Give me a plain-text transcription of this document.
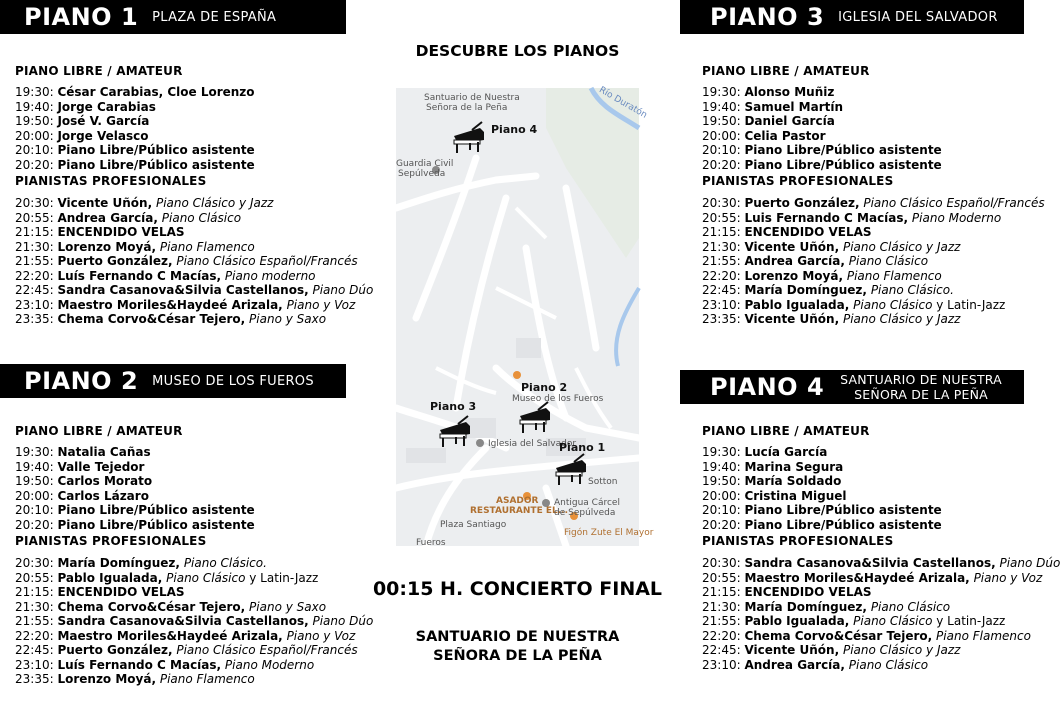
PIANO 1 PLAZA DE ESPAÑA	PIANO 3 IGLESIA DEL SALVADOR
PIANO 2 MUSEO DE LOS FUEROS	PIANO 4 SANTUARIO DE NUESTRA
SEÑORA DE LA PEÑA
PIANO LIBRE / AMATEUR
19:30: César Carabias, Cloe Lorenzo
19:40: Jorge Carabias
19:50: José V. García
20:00: Jorge Velasco
20:10: Piano Libre/Público asistente
20:20: Piano Libre/Público asistente
PIANISTAS PROFESIONALES
20:30: Vicente Uñón, Piano Clásico y Jazz
20:55: Andrea García, Piano Clásico
21:15: ENCENDIDO VELAS
21:30: Lorenzo Moyá, Piano Flamenco
21:55: Puerto González, Piano Clásico Español/Francés
22:20: Luís Fernando C Macías, Piano moderno
22:45: Sandra Casanova&Silvia Castellanos, Piano Dúo
23:10: Maestro Moriles&Haydeé Arizala, Piano y Voz
23:35: Chema Corvo&César Tejero, Piano y Saxo
PIANO LIBRE / AMATEUR
19:30: Natalia Cañas
19:40: Valle Tejedor
19:50: Carlos Morato
20:00: Carlos Lázaro
20:10: Piano Libre/Público asistente
20:20: Piano Libre/Público asistente
PIANISTAS PROFESIONALES
20:30: María Domínguez, Piano Clásico.
20:55: Pablo Igualada, Piano Clásico y Latin-Jazz
21:15: ENCENDIDO VELAS
21:30: Chema Corvo&César Tejero, Piano y Saxo
21:55: Sandra Casanova&Silvia Castellanos, Piano Dúo
22:20: Maestro Moriles&Haydeé Arizala, Piano y Voz
22:45: Puerto González, Piano Clásico Español/Francés
23:10: Luís Fernando C Macías, Piano Moderno
23:35: Lorenzo Moyá, Piano Flamenco
PIANO LIBRE / AMATEUR
19:30: Alonso Muñiz
19:40: Samuel Martín
19:50: Daniel García
20:00: Celia Pastor
20:10: Piano Libre/Público asistente
20:20: Piano Libre/Público asistente
PIANISTAS PROFESIONALES
20:30: Puerto González, Piano Clásico Español/Francés
20:55: Luis Fernando C Macías, Piano Moderno
21:15: ENCENDIDO VELAS
21:30: Vicente Uñón, Piano Clásico y Jazz
21:55: Andrea García, Piano Clásico
22:20: Lorenzo Moyá, Piano Flamenco
22:45: María Domínguez, Piano Clásico.
23:10: Pablo Igualada, Piano Clásico y Latin-Jazz
23:35: Vicente Uñón, Piano Clásico y Jazz
PIANO LIBRE / AMATEUR
19:30: Lucía García
19:40: Marina Segura
19:50: María Soldado
20:00: Cristina Miguel
20:10: Piano Libre/Público asistente
20:20: Piano Libre/Público asistente
PIANISTAS PROFESIONALES
20:30: Sandra Casanova&Silvia Castellanos, Piano Dúo
20:55: Maestro Moriles&Haydeé Arizala, Piano y Voz
21:15: ENCENDIDO VELAS
21:30: María Domínguez, Piano Clásico
21:55: Pablo Igualada, Piano Clásico y Latin-Jazz
22:20: Chema Corvo&César Tejero, Piano Flamenco
22:45: Vicente Uñón, Piano Clásico y Jazz
23:10: Andrea García, Piano Clásico
DESCUBRE LOS PIANOS
Santuario de Nuestra
Señora de la Peña
Guardia Civil
Sepúlveda
Río Duratón
Museo de los Fueros
Iglesia del Salvador
ASADOR
RESTAURANTE EL...
Antigua Cárcel
de Sepúlveda
Plaza Santiago
Figón Zute El Mayor
Fueros
Sotton
Piano 4
Piano 2
Piano 3
Piano 1
00:15 H. CONCIERTO FINAL
SANTUARIO DE NUESTRA
SEÑORA DE LA PEÑA
